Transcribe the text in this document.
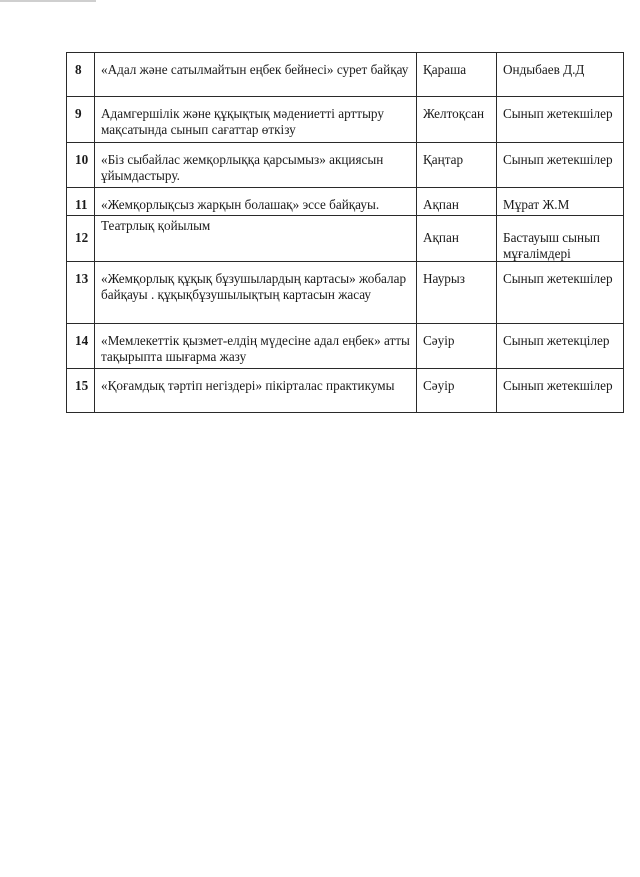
8	«Адал және сатылмайтын еңбек бейнесі» сурет байқау	Қараша	Ондыбаев Д.Д
9	Адамгершілік және құқықтық мәдениетті арттыру мақсатында сынып сағаттар өткізу	Желтоқсан	Сынып жетекшілер
10	«Біз сыбайлас жемқорлыққа қарсымыз» акциясын ұйымдастыру.	Қаңтар	Сынып жетекшілер
11	«Жемқорлықсыз жарқын болашақ» эссе байқауы.	Ақпан	Мұрат Ж.М
12	Театрлық қойылым	Ақпан	Бастауыш сынып мұғалімдері
13	«Жемқорлық құқық бұзушылардың картасы» жобалар байқауы . құқықбұзушылықтың картасын жасау	Наурыз	Сынып жетекшілер
14	«Мемлекеттік қызмет-елдің мүдесіне адал еңбек» атты тақырыпта шығарма жазу	Сәуір	Сынып жетекцілер
15	«Қоғамдық тәртіп негіздері» пікірталас практикумы	Сәуір	Сынып жетекшілер
